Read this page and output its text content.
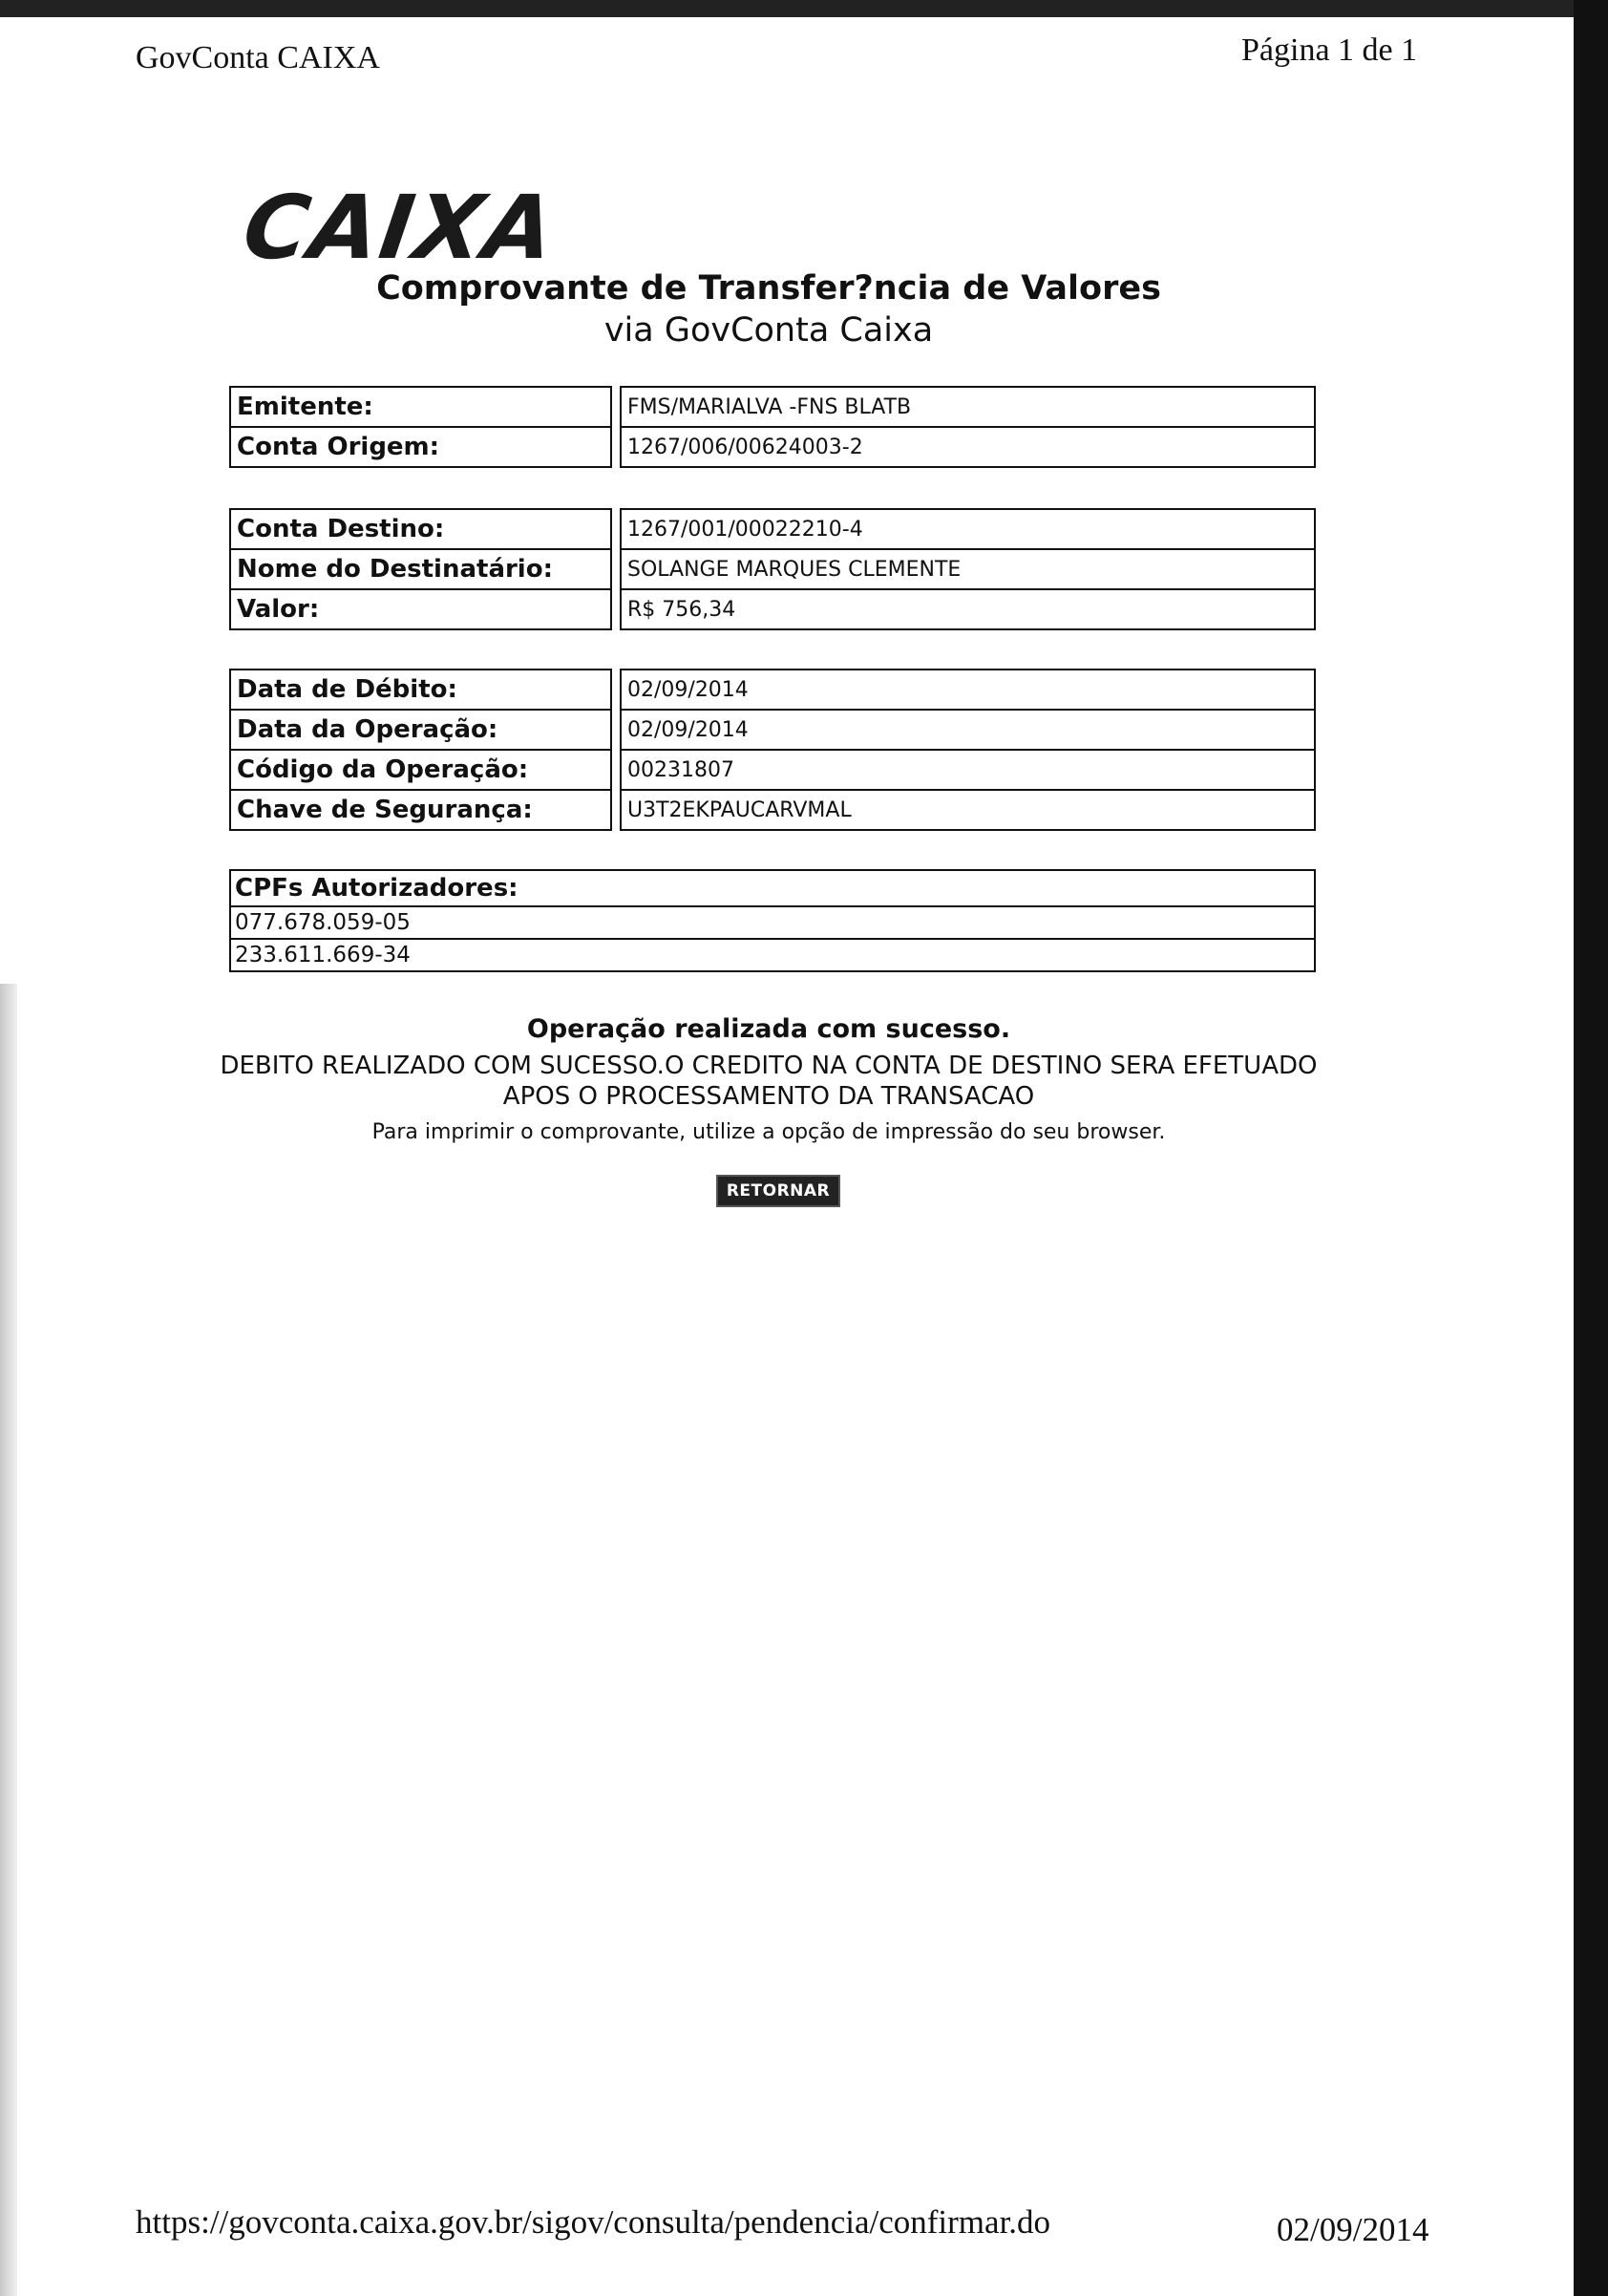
GovConta CAIXA	Página 1 de 1
CAIXA
Comprovante de Transfer?ncia de Valores
via GovConta Caixa
Emitente:		FMS/MARIALVA -FNS BLATB
Conta Origem:		1267/006/00624003-2
Conta Destino:		1267/001/00022210-4
Nome do Destinatário:		SOLANGE MARQUES CLEMENTE
Valor:		R$ 756,34
Data de Débito:		02/09/2014
Data da Operação:		02/09/2014
Código da Operação:		00231807
Chave de Segurança:		U3T2EKPAUCARVMAL
CPFs Autorizadores:
077.678.059-05
233.611.669-34
Operação realizada com sucesso.
DEBITO REALIZADO COM SUCESSO.O CREDITO NA CONTA DE DESTINO SERA EFETUADO
APOS O PROCESSAMENTO DA TRANSACAO
Para imprimir o comprovante, utilize a opção de impressão do seu browser.
RETORNAR
https://govconta.caixa.gov.br/sigov/consulta/pendencia/confirmar.do	02/09/2014
